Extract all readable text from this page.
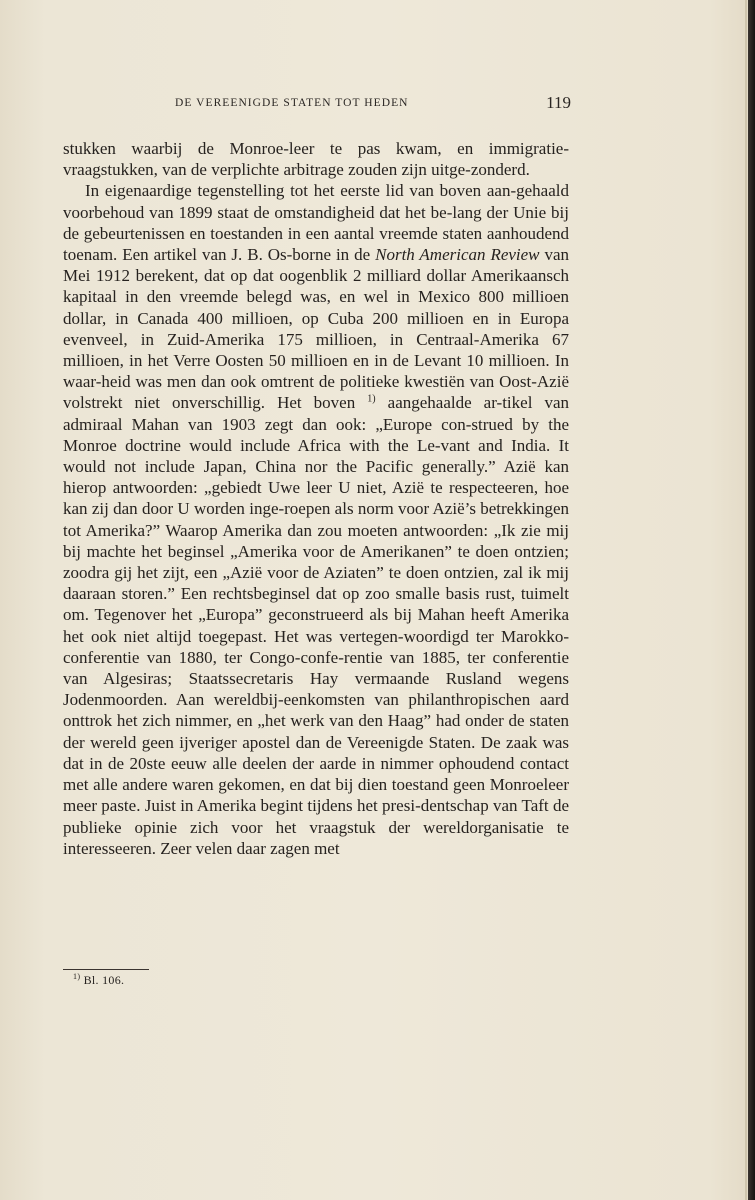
DE VEREENIGDE STATEN TOT HEDEN	119

stukken waarbij de Monroe-leer te pas kwam, en immigratie-vraagstukken, van de verplichte arbitrage zouden zijn uitge-zonderd.

In eigenaardige tegenstelling tot het eerste lid van boven aan-gehaald voorbehoud van 1899 staat de omstandigheid dat het be-lang der Unie bij de gebeurtenissen en toestanden in een aantal vreemde staten aanhoudend toenam. Een artikel van J. B. Os-borne in de North American Review van Mei 1912 berekent, dat op dat oogenblik 2 milliard dollar Amerikaansch kapitaal in den vreemde belegd was, en wel in Mexico 800 millioen dollar, in Canada 400 millioen, op Cuba 200 millioen en in Europa evenveel, in Zuid-Amerika 175 millioen, in Centraal-Amerika 67 millioen, in het Verre Oosten 50 millioen en in de Levant 10 millioen. In waar-heid was men dan ook omtrent de politieke kwestiën van Oost-Azië volstrekt niet onverschillig. Het boven $^{1)}$ aangehaalde ar-tikel van admiraal Mahan van 1903 zegt dan ook: „Europe con-strued by the Monroe doctrine would include Africa with the Le-vant and India. It would not include Japan, China nor the Pacific generally.” Azië kan hierop antwoorden: „gebiedt Uwe leer U niet, Azië te respecteeren, hoe kan zij dan door U worden inge-roepen als norm voor Azië’s betrekkingen tot Amerika?” Waarop Amerika dan zou moeten antwoorden: „Ik zie mij bij machte het beginsel „Amerika voor de Amerikanen” te doen ontzien; zoodra gij het zijt, een „Azië voor de Aziaten” te doen ontzien, zal ik mij daaraan storen.” Een rechtsbeginsel dat op zoo smalle basis rust, tuimelt om. Tegenover het „Europa” geconstrueerd als bij Mahan heeft Amerika het ook niet altijd toegepast. Het was vertegen-woordigd ter Marokko-conferentie van 1880, ter Congo-confe-rentie van 1885, ter conferentie van Algesiras; Staatssecretaris Hay vermaande Rusland wegens Jodenmoorden. Aan wereldbij-eenkomsten van philanthropischen aard onttrok het zich nimmer, en „het werk van den Haag” had onder de staten der wereld geen ijveriger apostel dan de Vereenigde Staten. De zaak was dat in de 20ste eeuw alle deelen der aarde in nimmer ophoudend contact met alle andere waren gekomen, en dat bij dien toestand geen Monroeleer meer paste. Juist in Amerika begint tijdens het presi-dentschap van Taft de publieke opinie zich voor het vraagstuk der wereldorganisatie te interesseeren. Zeer velen daar zagen met

$^{1)}$ Bl. 106.
